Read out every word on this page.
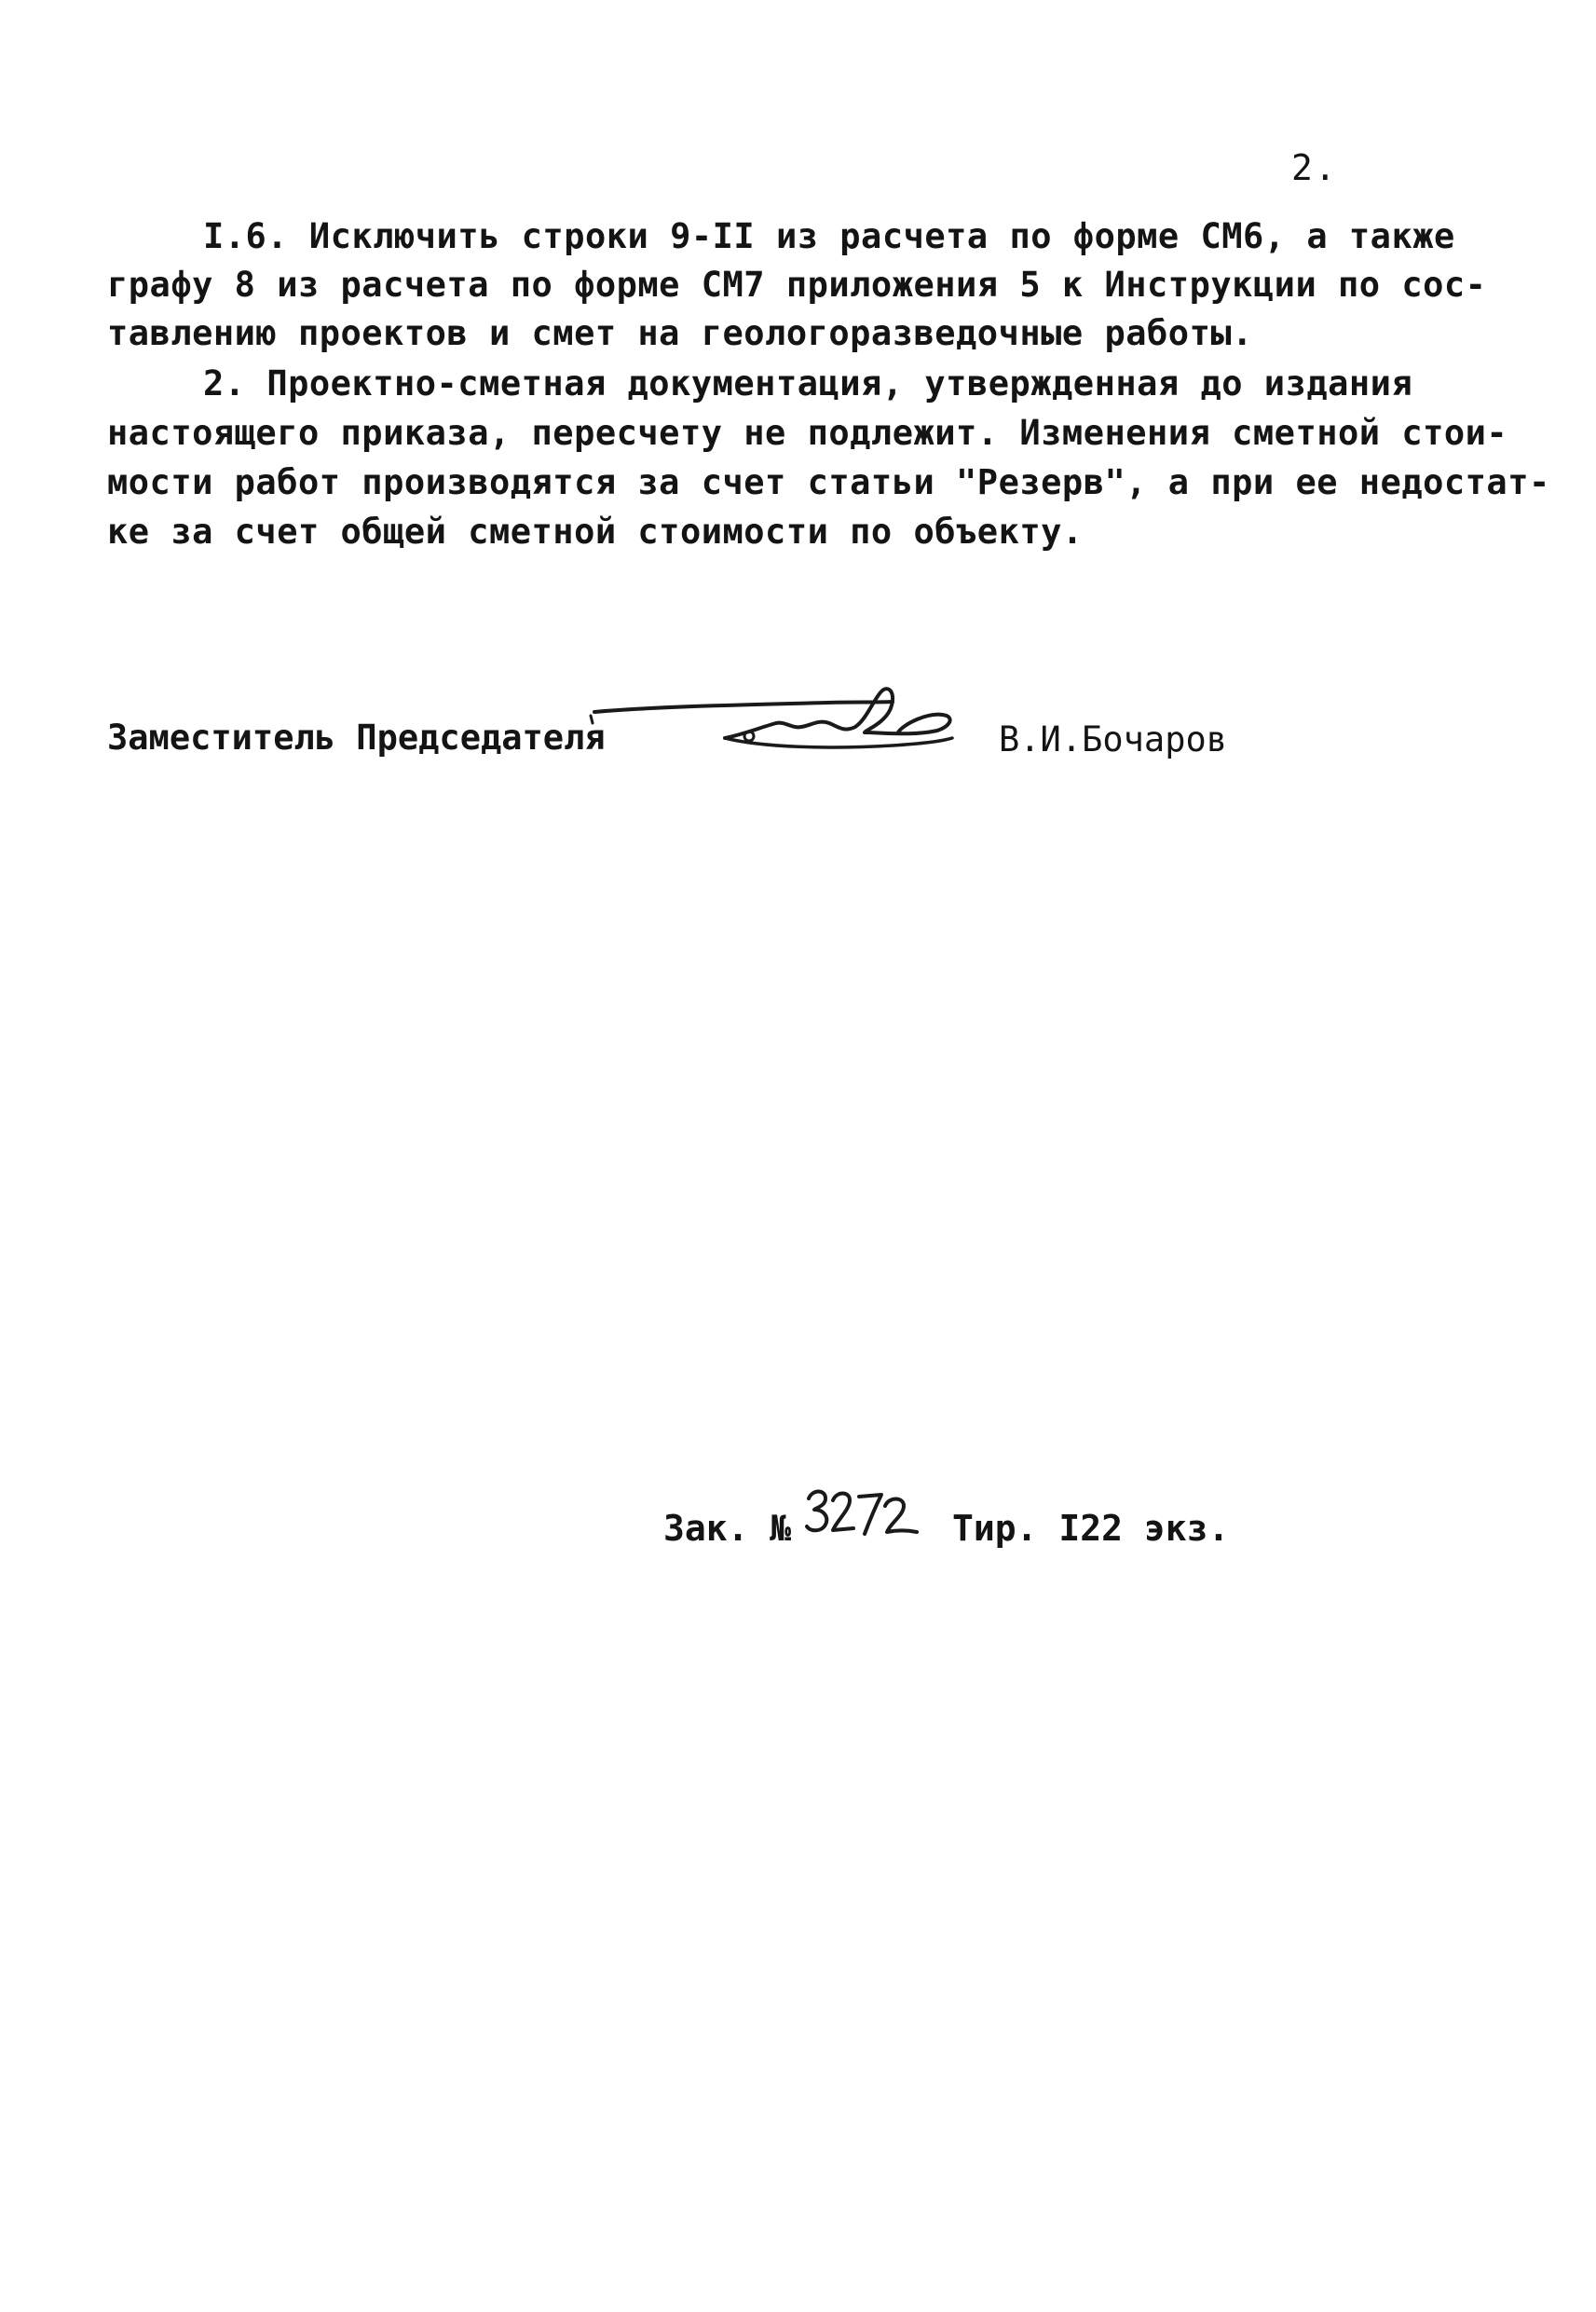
2.
I.6. Исключить строки 9-II из расчета по форме СМ6, а также
графу 8 из расчета по форме СМ7 приложения 5 к Инструкции по сос-
тавлению проектов и смет на геологоразведочные работы.
2. Проектно-сметная документация, утвержденная до издания
настоящего приказа, пересчету не подлежит. Изменения сметной стои-
мости работ производятся за счет статьи "Резерв", а при ее недостат-
ке за счет общей сметной стоимости по объекту.
Заместитель Председателя	В.И.Бочаров
Зак. №	Тир. I22 экз.
